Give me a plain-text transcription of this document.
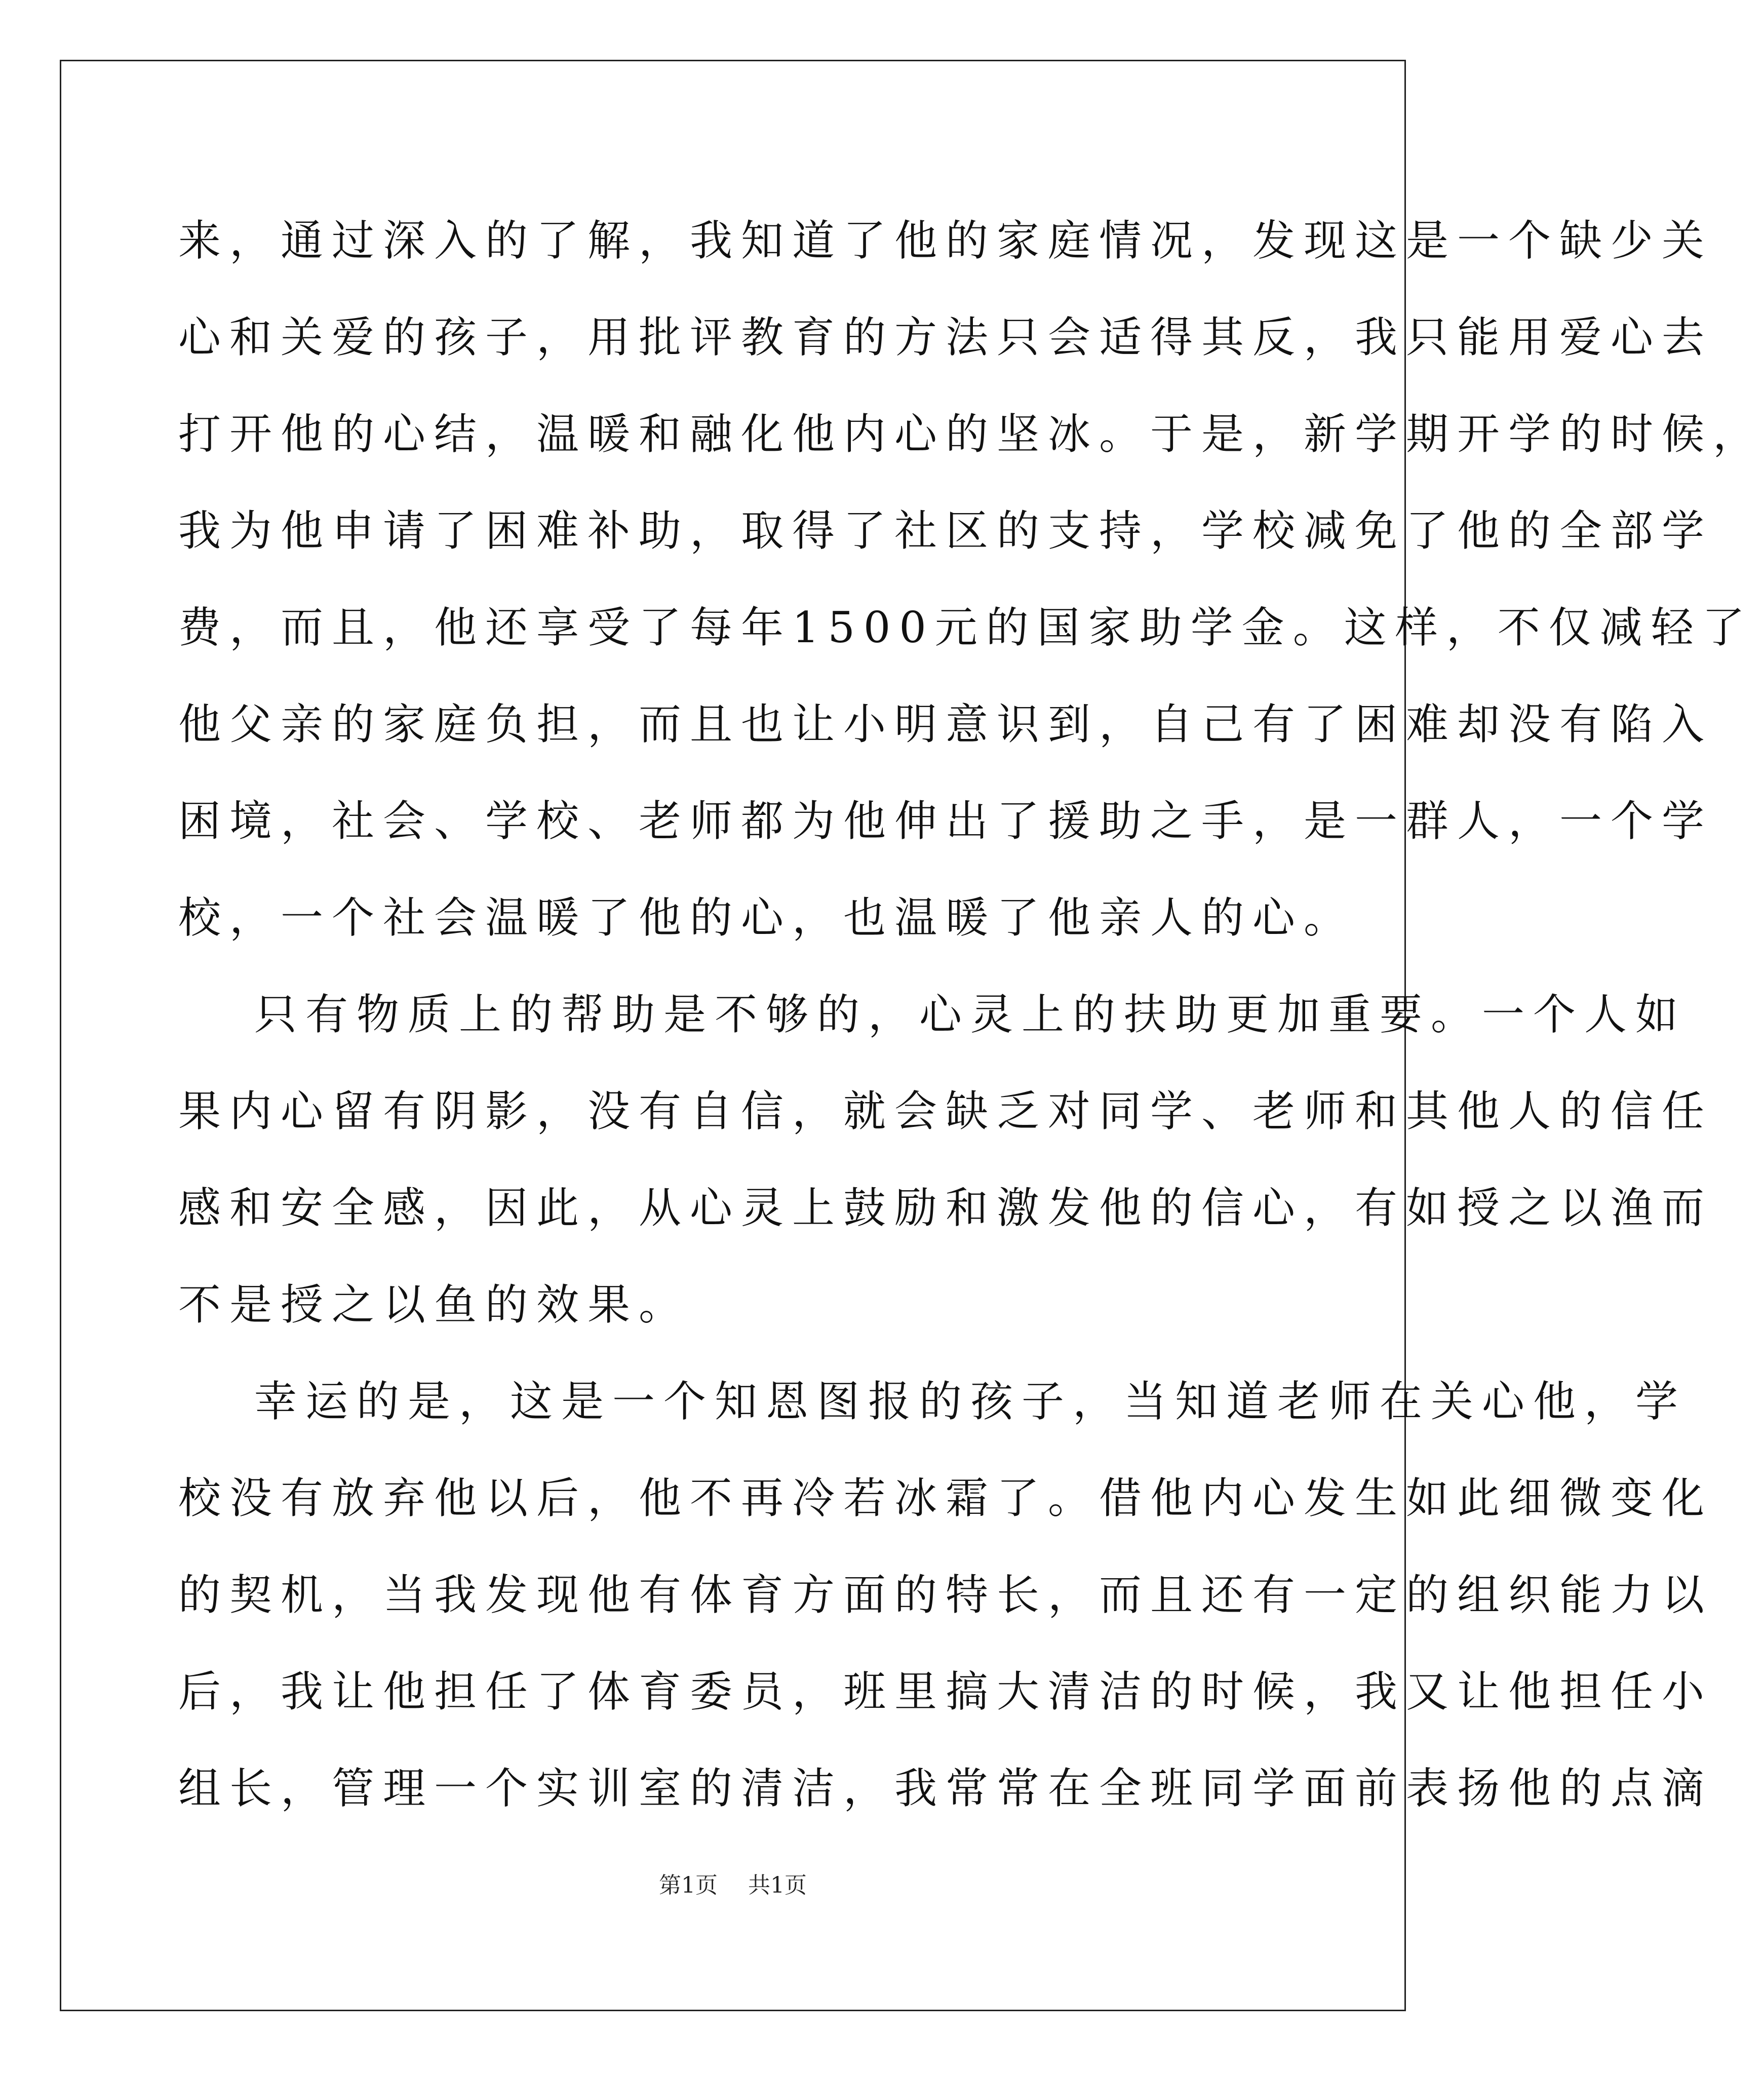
来，通过深入的了解，我知道了他的家庭情况，发现这是一个缺少关
心和关爱的孩子，用批评教育的方法只会适得其反，我只能用爱心去
打开他的心结，温暖和融化他内心的坚冰。于是，新学期开学的时候，
我为他申请了困难补助，取得了社区的支持，学校减免了他的全部学
费，而且，他还享受了每年1500元的国家助学金。这样，不仅减轻了
他父亲的家庭负担，而且也让小明意识到，自己有了困难却没有陷入
困境，社会、学校、老师都为他伸出了援助之手，是一群人，一个学
校，一个社会温暖了他的心，也温暖了他亲人的心。
只有物质上的帮助是不够的，心灵上的扶助更加重要。一个人如
果内心留有阴影，没有自信，就会缺乏对同学、老师和其他人的信任
感和安全感，因此，从心灵上鼓励和激发他的信心，有如授之以渔而
不是授之以鱼的效果。
幸运的是，这是一个知恩图报的孩子，当知道老师在关心他，学
校没有放弃他以后，他不再冷若冰霜了。借他内心发生如此细微变化
的契机，当我发现他有体育方面的特长，而且还有一定的组织能力以
后，我让他担任了体育委员，班里搞大清洁的时候，我又让他担任小
组长，管理一个实训室的清洁，我常常在全班同学面前表扬他的点滴
第1页 共1页
